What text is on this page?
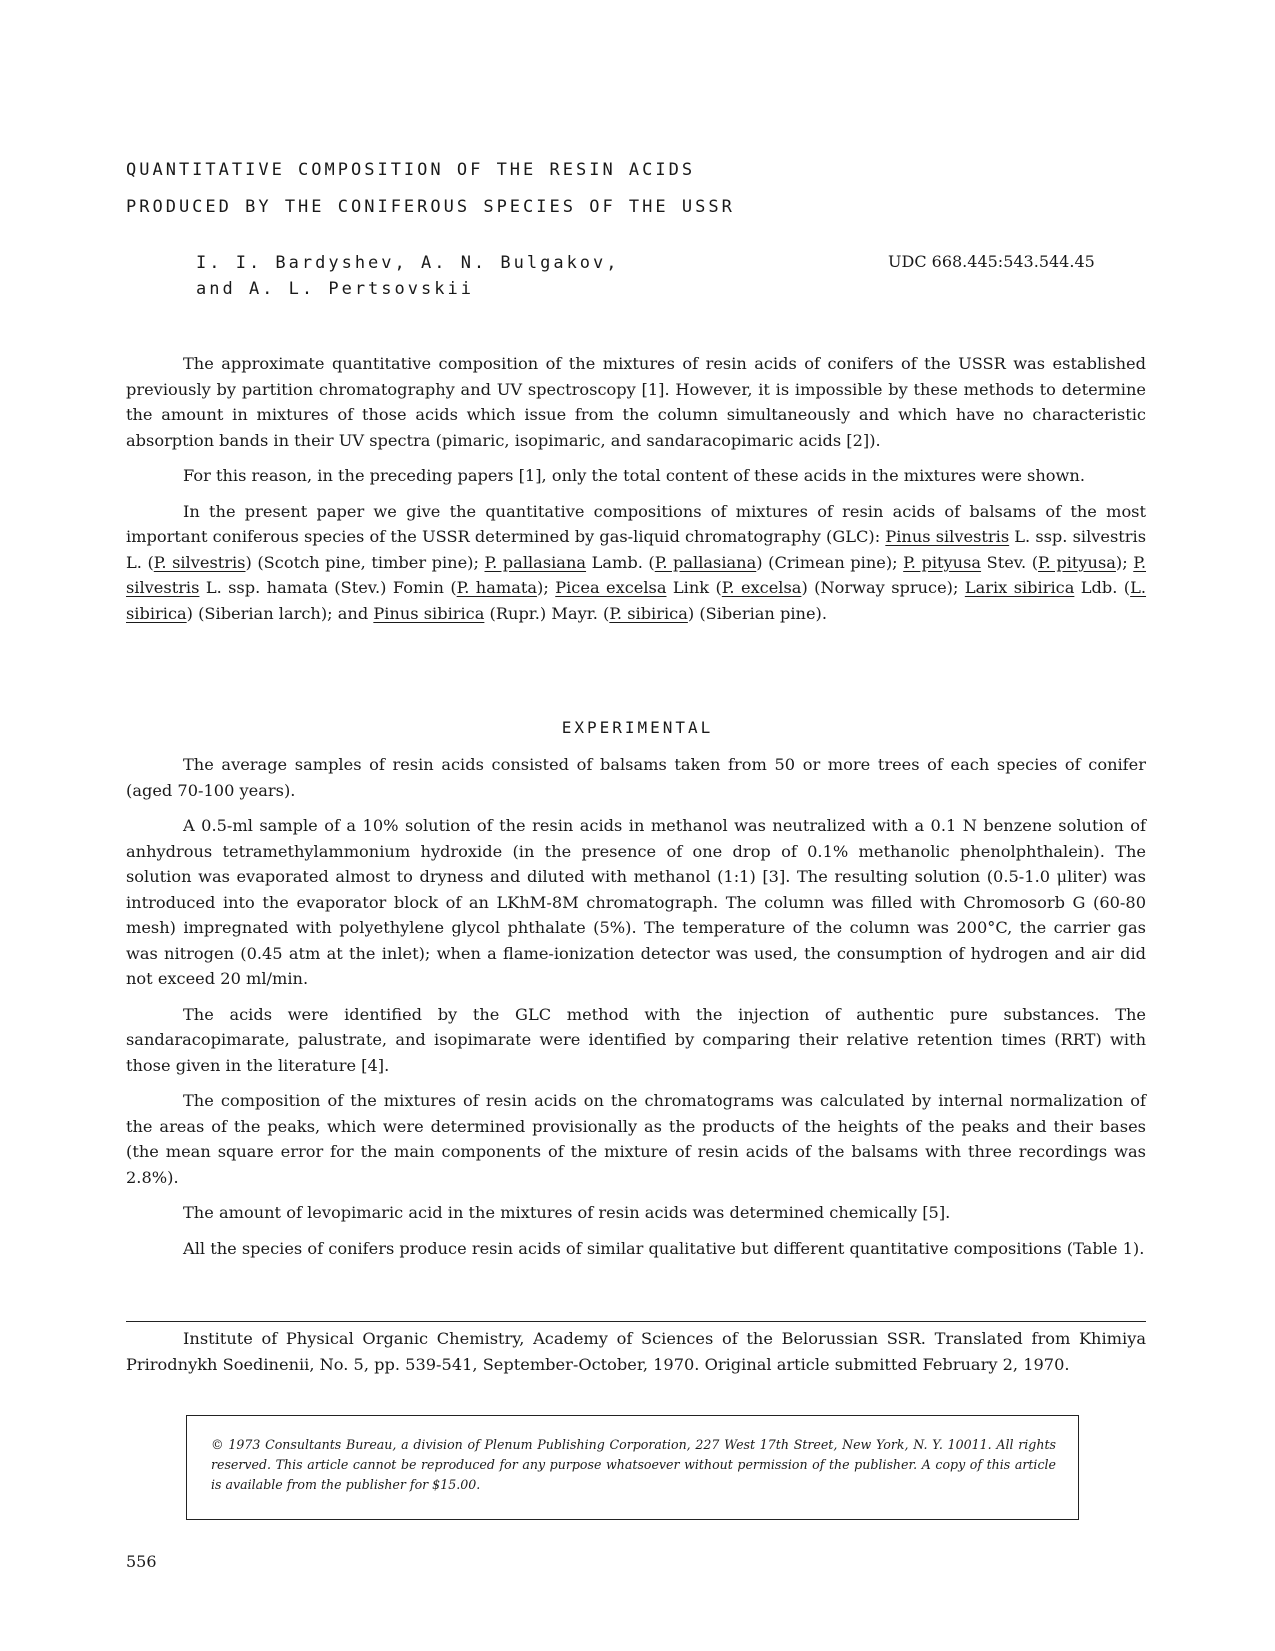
QUANTITATIVE COMPOSITION OF THE RESIN ACIDS
PRODUCED BY THE CONIFEROUS SPECIES OF THE USSR
I. I. Bardyshev, A. N. Bulgakov,
and A. L. Pertsovskii
UDC 668.445:543.544.45

The approximate quantitative composition of the mixtures of resin acids of conifers of the USSR was established previously by partition chromatography and UV spectroscopy [1]. However, it is impossible by these methods to determine the amount in mixtures of those acids which issue from the column simultaneously and which have no characteristic absorption bands in their UV spectra (pimaric, isopimaric, and sandaracopimaric acids [2]).

For this reason, in the preceding papers [1], only the total content of these acids in the mixtures were shown.

In the present paper we give the quantitative compositions of mixtures of resin acids of balsams of the most important coniferous species of the USSR determined by gas-liquid chromatography (GLC): Pinus silvestris L. ssp. silvestris L. (P. silvestris) (Scotch pine, timber pine); P. pallasiana Lamb. (P. pallasiana) (Crimean pine); P. pityusa Stev. (P. pityusa); P. silvestris L. ssp. hamata (Stev.) Fomin (P. hamata); Picea excelsa Link (P. excelsa) (Norway spruce); Larix sibirica Ldb. (L. sibirica) (Siberian larch); and Pinus sibirica (Rupr.) Mayr. (P. sibirica) (Siberian pine).

EXPERIMENTAL

The average samples of resin acids consisted of balsams taken from 50 or more trees of each species of conifer (aged 70-100 years).

A 0.5-ml sample of a 10% solution of the resin acids in methanol was neutralized with a 0.1 N benzene solution of anhydrous tetramethylammonium hydroxide (in the presence of one drop of 0.1% methanolic phenolphthalein). The solution was evaporated almost to dryness and diluted with methanol (1:1) [3]. The resulting solution (0.5-1.0 μliter) was introduced into the evaporator block of an LKhM-8M chromatograph. The column was filled with Chromosorb G (60-80 mesh) impregnated with polyethylene glycol phthalate (5%). The temperature of the column was 200°C, the carrier gas was nitrogen (0.45 atm at the inlet); when a flame-ionization detector was used, the consumption of hydrogen and air did not exceed 20 ml/min.

The acids were identified by the GLC method with the injection of authentic pure substances. The sandaracopimarate, palustrate, and isopimarate were identified by comparing their relative retention times (RRT) with those given in the literature [4].

The composition of the mixtures of resin acids on the chromatograms was calculated by internal normalization of the areas of the peaks, which were determined provisionally as the products of the heights of the peaks and their bases (the mean square error for the main components of the mixture of resin acids of the balsams with three recordings was 2.8%).

The amount of levopimaric acid in the mixtures of resin acids was determined chemically [5].

All the species of conifers produce resin acids of similar qualitative but different quantitative compositions (Table 1).

Institute of Physical Organic Chemistry, Academy of Sciences of the Belorussian SSR. Translated from Khimiya Prirodnykh Soedinenii, No. 5, pp. 539-541, September-October, 1970. Original article submitted February 2, 1970.

© 1973 Consultants Bureau, a division of Plenum Publishing Corporation, 227 West 17th Street, New York, N. Y. 10011. All rights reserved. This article cannot be reproduced for any purpose whatsoever without permission of the publisher. A copy of this article is available from the publisher for $15.00.

556
